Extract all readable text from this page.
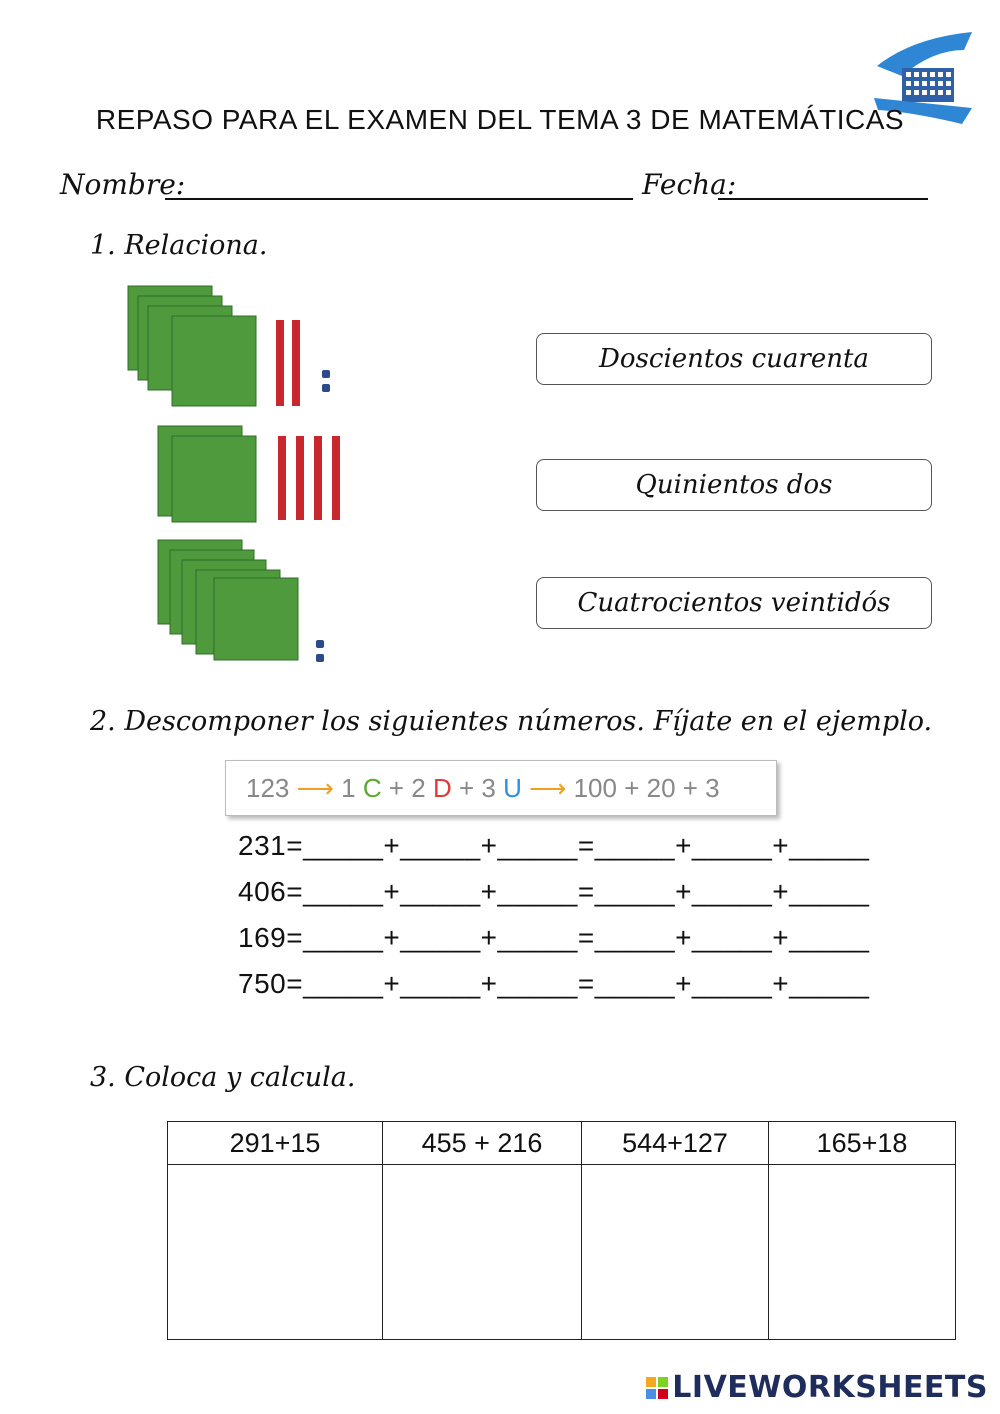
REPASO PARA EL EXAMEN DEL TEMA 3 DE MATEMÁTICAS
Nombre:	Fecha:
1. Relaciona.
Doscientos cuarenta
Quinientos dos
Cuatrocientos veintidós
2. Descomponer los siguientes números. Fíjate en el ejemplo.
123 ⟶ 1
C + 2
D + 3
U ⟶ 100 + 20 + 3
231=_____+_____+_____=_____+_____+_____
406=_____+_____+_____=_____+_____+_____
169=_____+_____+_____=_____+_____+_____
750=_____+_____+_____=_____+_____+_____
3. Coloca y calcula.
291+15	455 + 216	544+127	165+18

LIVEWORKSHEETS
